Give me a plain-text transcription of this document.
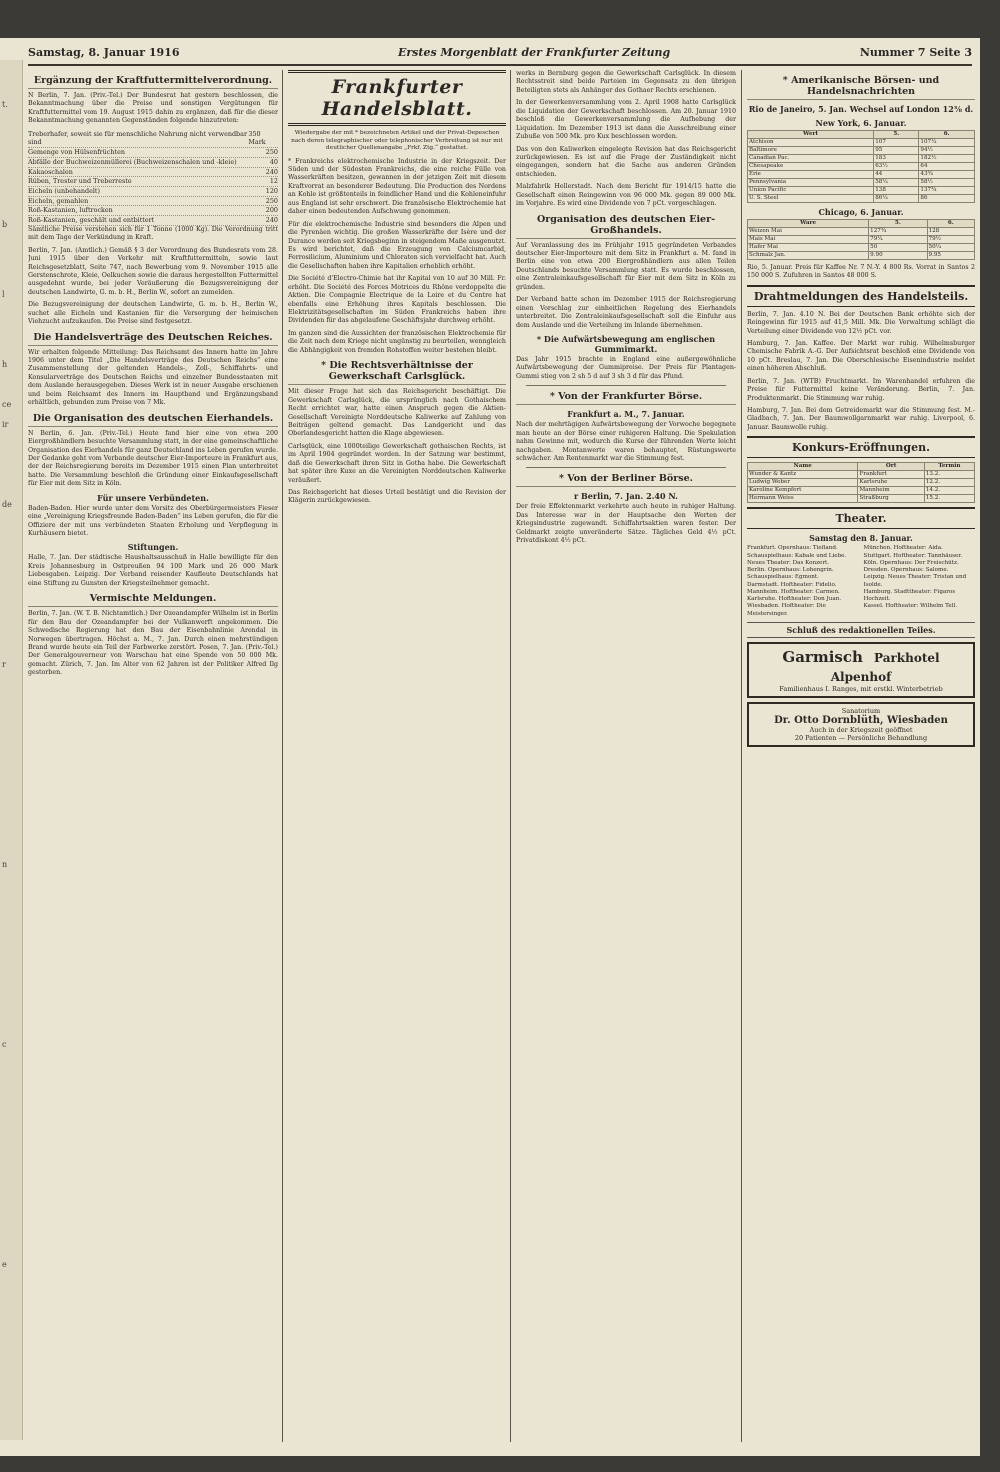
t.
b
l
h
ce
ir
de
r
n
c
e
Samstag, 8. Januar 1916	Erstes Morgenblatt der Frankfurter Zeitung	Nummer 7 Seite 3
Ergänzung der Kraftfuttermittelverordnung.

N Berlin, 7. Jan. (Priv.-Tel.) Der Bundesrat hat gestern beschlossen, die Bekanntmachung über die Preise und sonstigen Vergütungen für Kraftfuttermittel vom 19. August 1915 dahin zu ergänzen, daß für die dieser Bekanntmachung genannten Gegenständen folgende hinzutreten:

Treberhafer, soweit sie für menschliche Nahrung nicht verwendbar sind
350 Mark
Gemenge von Hülsenfrüchten	250
Abfälle der Buchweizenmüllerei (Buchweizenschalen und -kleie)	40
Kakaoschalen	240
Rüben, Trester und Treberreste	12
Eicheln (unbehandelt)	120
Eicheln, gemahlen	250
Roß-Kastanien, luftrocken	200
Roß-Kastanien, geschält und entbittert	240

Sämtliche Preise verstehen sich für 1 Tonne (1000 Kg). Die Verordnung tritt mit dem Tage der Verkündung in Kraft.

Berlin, 7. Jan. (Amtlich.) Gemäß § 3 der Verordnung des Bundesrats vom 28. Juni 1915 über den Verkehr mit Kraftfuttermitteln, sowie laut Reichsgesetzblatt, Seite 747, nach Bewerbung vom 9. November 1915 alle Gerstenschrote, Kleie, Oelkuchen sowie die daraus hergestellten Futtermittel ausgedehnt wurde, bei jeder Veräußerung die Bezugsvereinigung der deutschen Landwirte, G. m. b. H., Berlin W., sofort an zumelden.

Die Bezugsvereinigung der deutschen Landwirte, G. m. b. H., Berlin W., suchet alle Eicheln und Kastanien für die Versorgung der heimischen Viehzucht aufzukaufen. Die Preise sind festgesetzt.

Die Handelsverträge des Deutschen Reiches.

Wir erhalten folgende Mitteilung: Das Reichsamt des Innern hatte im Jahre 1906 unter dem Titel „Die Handelsverträge des Deutschen Reichs“ eine Zusammenstellung der geltenden Handels-, Zoll-, Schiffahrts- und Konsularverträge des Deutschen Reichs und einzelner Bundesstaaten mit dem Auslande herausgegeben. Dieses Werk ist in neuer Ausgabe erschienen und beim Reichsamt des Innern im Hauptband und Ergänzungsband erhältlich, gebunden zum Preise von 7 Mk.

Die Organisation des deutschen Eierhandels.

N Berlin, 6. Jan. (Priv.-Tel.) Heute fand hier eine von etwa 200 Eiergroßhändlern besuchte Versammlung statt, in der eine gemeinschaftliche Organisation des Eierhandels für ganz Deutschland ins Leben gerufen wurde. Der Gedanke geht vom Verbande deutscher Eier-Importeure in Frankfurt aus, der der Reichsregierung bereits im Dezember 1915 einen Plan unterbreitet hatte. Die Versammlung beschloß die Gründung einer Einkaufsgesellschaft für Eier mit dem Sitz in Köln.

Für unsere Verbündeten.

Baden-Baden. Hier wurde unter dem Vorsitz des Oberbürgermeisters Fieser eine „Vereinigung Kriegsfreunde Baden-Baden“ ins Leben gerufen, die für die Offiziere der mit uns verbündeten Staaten Erholung und Verpflegung in Kurhäusern bietet.

Stiftungen.

Halle, 7. Jan. Der städtische Haushaltsausschuß in Halle bewilligte für den Kreis Johannesburg in Ostpreußen 94 100 Mark und 26 000 Mark Liebesgaben. Leipzig. Der Verband reisender Kaufleute Deutschlands hat eine Stiftung zu Gunsten der Kriegsteilnehmer gemacht.

Vermischte Meldungen.

Berlin, 7. Jan. (W. T. B. Nichtamtlich.) Der Ozeandampfer Wilhelm ist in Berlin für den Bau der Ozeandampfer bei der Vulkanwerft angekommen. Die Schwedische Regierung hat den Bau der Eisenbahnlinie Arendal in Norwegen übertragen. Höchst a. M., 7. Jan. Durch einen mehrstündigen Brand wurde heute ein Teil der Farbwerke zerstört. Posen, 7. Jan. (Priv.-Tel.) Der Generalgouverneur von Warschau hat eine Spende von 50 000 Mk. gemacht. Zürich, 7. Jan. Im Alter von 62 Jahren ist der Politiker Alfred Ilg gestorben.

Frankfurter Handelsblatt.
Wiedergabe der mit * bezeichneten Artikel und der Privat-Depeschen nach deren telegraphischer oder telephonischer Verbreitung ist nur mit deutlicher Quellenangabe „Frkf. Ztg.“ gestattet.

* Frankreichs elektrochemische Industrie in der Kriegszeit. Der Süden und der Südosten Frankreichs, die eine reiche Fülle von Wasserkräften besitzen, gewannen in der jetzigen Zeit mit diesem Kraftvorrat an besonderer Bedeutung. Die Production des Nordens an Kohle ist größtenteils in feindlicher Hand und die Kohleneinfuhr aus England ist sehr erschwert. Die französische Elektrochemie hat daher einen bedeutenden Aufschwung genommen.

Für die elektrochemische Industrie sind besonders die Alpen und die Pyrenäen wichtig. Die großen Wasserkräfte der Isère und der Durance werden seit Kriegsbeginn in steigendem Maße ausgenutzt. Es wird berichtet, daß die Erzeugung von Calciumcarbid, Ferrosilicium, Aluminium und Chloraten sich vervielfacht hat. Auch die Gesellschaften haben ihre Kapitalien erheblich erhöht.

Die Société d'Electro-Chimie hat ihr Kapital von 10 auf 30 Mill. Fr. erhöht. Die Société des Forces Motrices du Rhône verdoppelte die Aktien. Die Compagnie Electrique de la Loire et du Centre hat ebenfalls eine Erhöhung ihres Kapitals beschlossen. Die Elektrizitätsgesellschaften im Süden Frankreichs haben ihre Dividenden für das abgelaufene Geschäftsjahr durchweg erhöht.

Im ganzen sind die Aussichten der französischen Elektrochemie für die Zeit nach dem Kriege nicht ungünstig zu beurteilen, wenngleich die Abhängigkeit von fremden Rohstoffen weiter bestehen bleibt.

* Die Rechtsverhältnisse der Gewerkschaft Carlsglück.

Mit dieser Frage hat sich das Reichsgericht beschäftigt. Die Gewerkschaft Carlsglück, die ursprünglich nach Gothaischem Recht errichtet war, hatte einen Anspruch gegen die Aktien-Gesellschaft Vereinigte Norddeutsche Kaliwerke auf Zahlung von Beiträgen geltend gemacht. Das Landgericht und das Oberlandesgericht hatten die Klage abgewiesen.

Carlsglück, eine 1000teilige Gewerkschaft gothaischen Rechts, ist im April 1904 gegründet worden. In der Satzung war bestimmt, daß die Gewerkschaft ihren Sitz in Gotha habe. Die Gewerkschaft hat später ihre Kuxe an die Vereinigten Norddeutschen Kaliwerke veräußert.

Das Reichsgericht hat dieses Urteil bestätigt und die Revision der Klägerin zurückgewiesen.

werks in Bernburg gegen die Gewerkschaft Carlsglück. In diesem Rechtsstreit sind beide Parteien im Gegensatz zu den übrigen Beteiligten stets als Anhänger des Gothaer Rechts erschienen.

In der Gewerkenversammlung vom 2. April 1908 hatte Carlsglück die Liquidation der Gewerkschaft beschlossen. Am 20. Januar 1910 beschloß die Gewerkenversammlung die Aufhebung der Liquidation. Im Dezember 1913 ist dann die Ausschreibung einer Zubuße von 500 Mk. pro Kux beschlossen worden.

Das von den Kaliwerken eingelegte Revision hat das Reichsgericht zurückgewiesen. Es ist auf die Frage der Zuständigkeit nicht eingegangen, sondern hat die Sache aus anderen Gründen entschieden.

Malzfabrik Hellerstadt. Nach dem Bericht für 1914/15 hatte die Gesellschaft einen Reingewinn von 96 000 Mk. gegen 89 000 Mk. im Vorjahre. Es wird eine Dividende von 7 pCt. vorgeschlagen.

Organisation des deutschen Eier-Großhandels.

Auf Veranlassung des im Frühjahr 1915 gegründeten Verbandes deutscher Eier-Importeure mit dem Sitz in Frankfurt a. M. fand in Berlin eine von etwa 200 Eiergroßhändlern aus allen Teilen Deutschlands besuchte Versammlung statt. Es wurde beschlossen, eine Zentraleinkaufsgesellschaft für Eier mit dem Sitz in Köln zu gründen.

Der Verband hatte schon im Dezember 1915 der Reichsregierung einen Vorschlag zur einheitlichen Regelung des Eierhandels unterbreitet. Die Zentraleinkaufsgesellschaft soll die Einfuhr aus dem Auslande und die Verteilung im Inlande übernehmen.

* Die Aufwärtsbewegung am englischen Gummimarkt.

Das Jahr 1915 brachte in England eine außergewöhnliche Aufwärtsbewegung der Gummipreise. Der Preis für Plantagen-Gummi stieg von 2 sh 5 d auf 3 sh 3 d für das Pfund.

* Von der Frankfurter Börse.
Frankfurt a. M., 7. Januar.

Nach der mehrtägigen Aufwärtsbewegung der Vorwoche begegnete man heute an der Börse einer ruhigeren Haltung. Die Spekulation nahm Gewinne mit, wodurch die Kurse der führenden Werte leicht nachgaben. Montanwerte waren behauptet, Rüstungswerte schwächer. Am Rentenmarkt war die Stimmung fest.

* Von der Berliner Börse.
r Berlin, 7. Jan. 2.40 N.

Der freie Effektenmarkt verkehrte auch heute in ruhiger Haltung. Das Interesse war in der Hauptsache den Werten der Kriegsindustrie zugewandt. Schiffahrtsaktien waren fester. Der Geldmarkt zeigte unveränderte Sätze. Tägliches Geld 4½ pCt. Privatdiskont 4½ pCt.

* Amerikanische Börsen- und Handelsnachrichten
Rio de Janeiro, 5. Jan. Wechsel auf London 12⅜ d.
New York, 6. Januar.
Wert	5.	6.
Atchison	107	107¼
Baltimore	95	94½
Canadian Pac.	183	182½
Chesapeake	63½	64
Erie	44	43¾
Pennsylvania	58¼	58½
Union Pacific	138	137¾
U. S. Steel	86¼	86
Chicago, 6. Januar.
Ware	5.	6.
Weizen Mai	127¾	128
Mais Mai	79¼	79½
Hafer Mai	50	50¼
Schmalz Jan.	9.90	9.95

Rio, 5. Januar. Preis für Kaffee Nr. 7 N.-Y. 4 800 Rs. Vorrat in Santos 2 150 000 S. Zufuhren in Santos 48 000 S.

Drahtmeldungen des Handelsteils.

Berlin, 7. Jan. 4.10 N. Bei der Deutschen Bank erhöhte sich der Reingewinn für 1915 auf 41,5 Mill. Mk. Die Verwaltung schlägt die Verteilung einer Dividende von 12½ pCt. vor.

Hamburg, 7. Jan. Kaffee. Der Markt war ruhig. Wilhelmsburger Chemische Fabrik A.-G. Der Aufsichtsrat beschloß eine Dividende von 10 pCt. Breslau, 7. Jan. Die Oberschlesische Eisenindustrie meldet einen höheren Abschluß.

Berlin, 7. Jan. (WTB) Fruchtmarkt. Im Warenhandel erfuhren die Preise für Futtermittel keine Veränderung. Berlin, 7. Jan. Produktenmarkt. Die Stimmung war ruhig.

Hamburg, 7. Jan. Bei dem Getreidemarkt war die Stimmung fest. M.-Gladbach, 7. Jan. Der Baumwollgarnmarkt war ruhig. Liverpool, 6. Januar. Baumwolle ruhig.

Konkurs-Eröffnungen.
Name	Ort	Termin
Wunder & Kantz	Frankfurt	13.2.
Ludwig Weber	Karlsruhe	12.2.
Karoline Kempfert	Mannheim	14.2.
Hermann Weiss	Straßburg	15.2.
Theater.
Samstag den 8. Januar.
Frankfurt. Opernhaus: Tiefland.
Schauspielhaus: Kabale und Liebe.
Neues Theater: Das Konzert.
Berlin. Opernhaus: Lohengrin.
Schauspielhaus: Egmont.
Darmstadt. Hoftheater: Fidelio.
Mannheim. Hoftheater: Carmen.
Karlsruhe. Hoftheater: Don Juan.
Wiesbaden. Hoftheater: Die Meistersinger.
München. Hoftheater: Aida.
Stuttgart. Hoftheater: Tannhäuser.
Köln. Opernhaus: Der Freischütz.
Dresden. Opernhaus: Salome.
Leipzig. Neues Theater: Tristan und Isolde.
Hamburg. Stadttheater: Figaros Hochzeit.
Kassel. Hoftheater: Wilhelm Tell.
Schluß des redaktionellen Teiles.
Garmisch Parkhotel Alpenhof
Familienhaus I. Ranges, mit erstkl. Winterbetrieb
Sanatorium
Dr. Otto Dornblüth, Wiesbaden
Auch in der Kriegszeit geöffnet
20 Patienten — Persönliche Behandlung
